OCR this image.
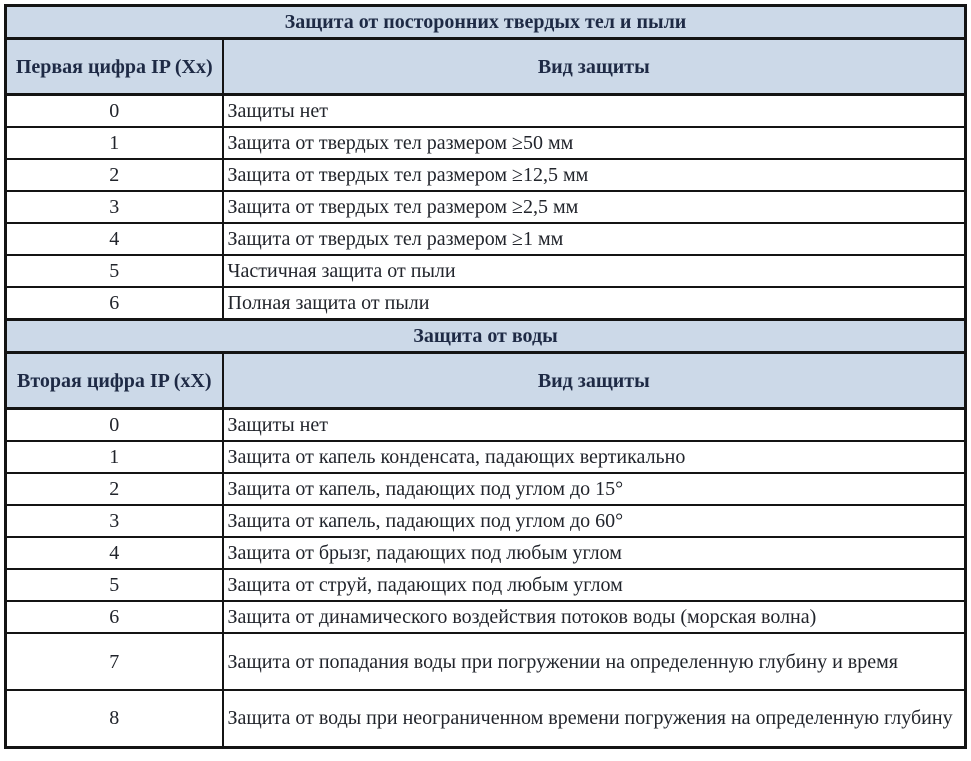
Защита от посторонних твердых тел и пыли	
Первая цифра IP (Xx)	Вид защиты
0	Защиты нет
1	Защита от твердых тел размером ≥50 мм
2	Защита от твердых тел размером ≥12,5 мм
3	Защита от твердых тел размером ≥2,5 мм
4	Защита от твердых тел размером ≥1 мм
5	Частичная защита от пыли
6	Полная защита от пыли
Защита от воды	
Вторая цифра IP (xX)	Вид защиты
0	Защиты нет
1	Защита от капель конденсата, падающих вертикально
2	Защита от капель, падающих под углом до 15°
3	Защита от капель, падающих под углом до 60°
4	Защита от брызг, падающих под любым углом
5	Защита от струй, падающих под любым углом
6	Защита от динамического воздействия потоков воды (морская волна)
7	Защита от попадания воды при погружении на определенную глубину и время
8	Защита от воды при неограниченном времени погружения на определенную глубину
